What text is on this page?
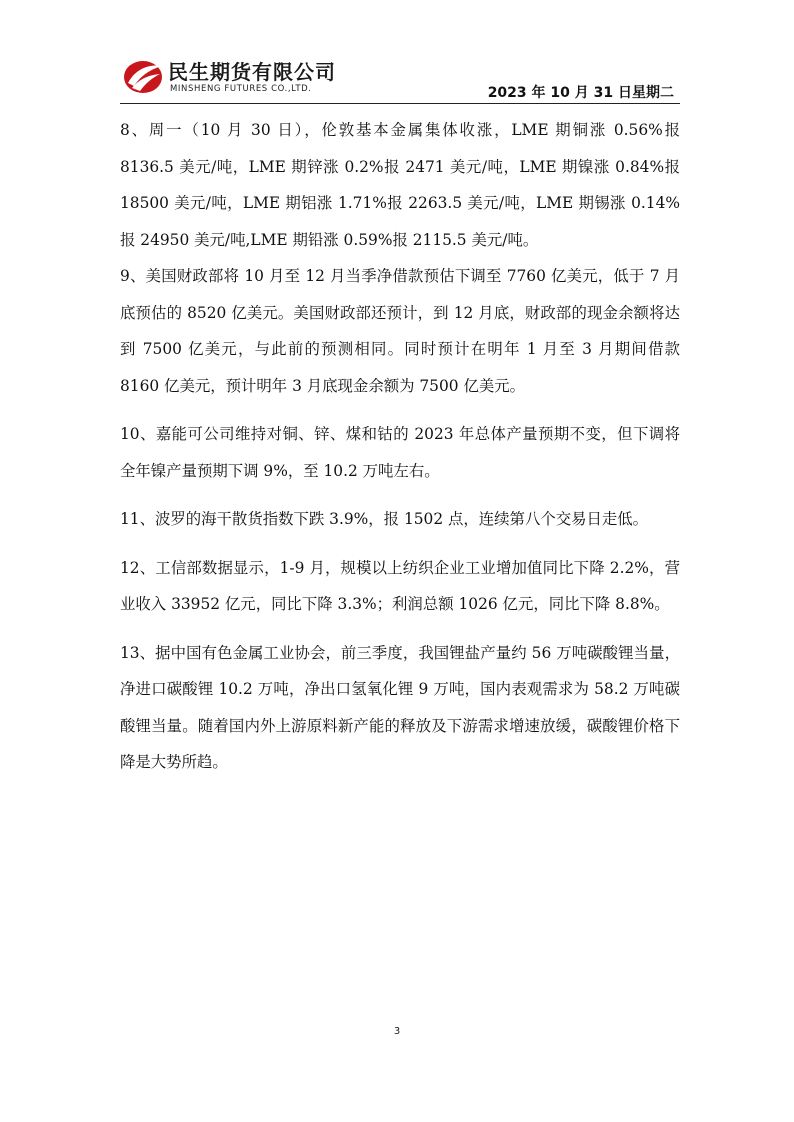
民生期货有限公司
MINSHENG FUTURES CO.,LTD.	2023 年 10 月 31 日星期二

8、周一（10 月 30 日），伦敦基本金属集体收涨，LME 期铜涨 0.56%报 8136.5 美元/吨，LME 期锌涨 0.2%报 2471 美元/吨，LME 期镍涨 0.84%报 18500 美元/吨，LME 期铝涨 1.71%报 2263.5 美元/吨，LME 期锡涨 0.14%报 24950 美元/吨,LME 期铅涨 0.59%报 2115.5 美元/吨。

9、美国财政部将 10 月至 12 月当季净借款预估下调至 7760 亿美元，低于 7 月底预估的 8520 亿美元。美国财政部还预计，到 12 月底，财政部的现金余额将达到 7500 亿美元，与此前的预测相同。同时预计在明年 1 月至 3 月期间借款 8160 亿美元，预计明年 3 月底现金余额为 7500 亿美元。

10、嘉能可公司维持对铜、锌、煤和钴的 2023 年总体产量预期不变，但下调将全年镍产量预期下调 9%，至 10.2 万吨左右。

11、波罗的海干散货指数下跌 3.9%，报 1502 点，连续第八个交易日走低。

12、工信部数据显示，1-9 月，规模以上纺织企业工业增加值同比下降 2.2%，营业收入 33952 亿元，同比下降 3.3%；利润总额 1026 亿元，同比下降 8.8%。

13、据中国有色金属工业协会，前三季度，我国锂盐产量约 56 万吨碳酸锂当量，净进口碳酸锂 10.2 万吨，净出口氢氧化锂 9 万吨，国内表观需求为 58.2 万吨碳酸锂当量。随着国内外上游原料新产能的释放及下游需求增速放缓，碳酸锂价格下降是大势所趋。

3
